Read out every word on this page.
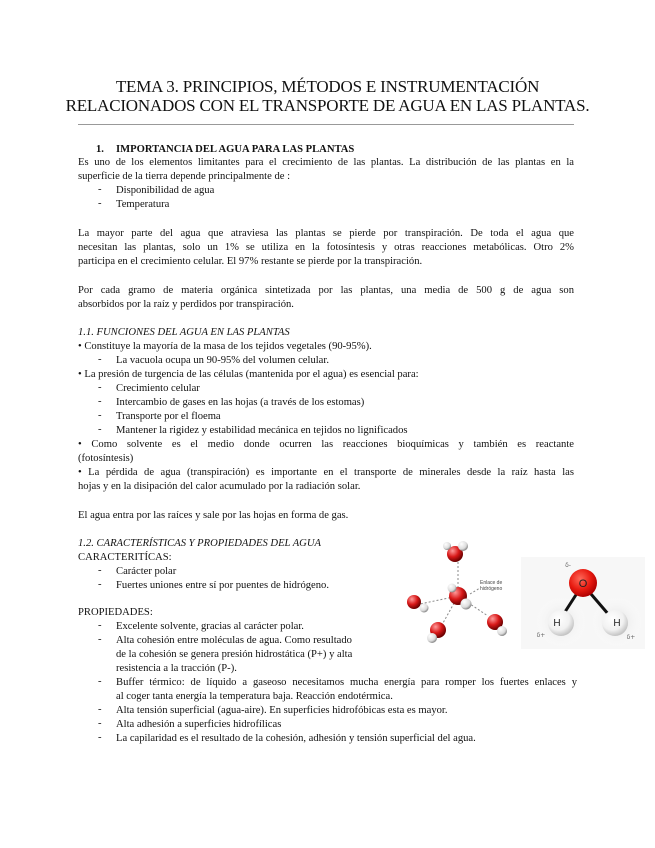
TEMA 3. PRINCIPIOS, MÉTODOS E INSTRUMENTACIÓN
RELACIONADOS CON EL TRANSPORTE DE AGUA EN LAS PLANTAS.
1. IMPORTANCIA DEL AGUA PARA LAS PLANTAS
Es uno de los elementos limitantes para el crecimiento de las plantas. La distribución de las plantas en la
superficie de la tierra depende principalmente de :
- Disponibilidad de agua
- Temperatura
La mayor parte del agua que atraviesa las plantas se pierde por transpiración. De toda el agua que
necesitan las plantas, solo un 1% se utiliza en la fotosíntesis y otras reacciones metabólicas. Otro 2%
participa en el crecimiento celular. El 97% restante se pierde por la transpiración.
Por cada gramo de materia orgánica sintetizada por las plantas, una media de 500 g de agua son
absorbidos por la raíz y perdidos por transpiración.
1.1. FUNCIONES DEL AGUA EN LAS PLANTAS
• Constituye la mayoría de la masa de los tejidos vegetales (90-95%).
- La vacuola ocupa un 90-95% del volumen celular.
• La presión de turgencia de las células (mantenida por el agua) es esencial para:
- Crecimiento celular
- Intercambio de gases en las hojas (a través de los estomas)
- Transporte por el floema
- Mantener la rigidez y estabilidad mecánica en tejidos no lignificados
• Como solvente es el medio donde ocurren las reacciones bioquímicas y también es reactante
(fotosíntesis)
• La pérdida de agua (transpiración) es importante en el transporte de minerales desde la raíz hasta las
hojas y en la disipación del calor acumulado por la radiación solar.
El agua entra por las raíces y sale por las hojas en forma de gas.
1.2. CARACTERÍSTICAS Y PROPIEDADES DEL AGUA
CARACTERITÍCAS:
- Carácter polar
- Fuertes uniones entre sí por puentes de hidrógeno.
PROPIEDADES:
- Excelente solvente, gracias al carácter polar.
- Alta cohesión entre moléculas de agua. Como resultado
de la cohesión se genera presión hidrostática (P+) y alta
resistencia a la tracción (P-).
- Buffer térmico: de líquido a gaseoso necesitamos mucha energía para romper los fuertes enlaces y
al coger tanta energía la temperatura baja. Reacción endotérmica.
- Alta tensión superficial (agua-aire). En superficies hidrofóbicas esta es mayor.
- Alta adhesión a superficies hidrofílicas
- La capilaridad es el resultado de la cohesión, adhesión y tensión superficial del agua.
Enlace de hidrógeno	O
H	H
δ-
δ+	δ+
